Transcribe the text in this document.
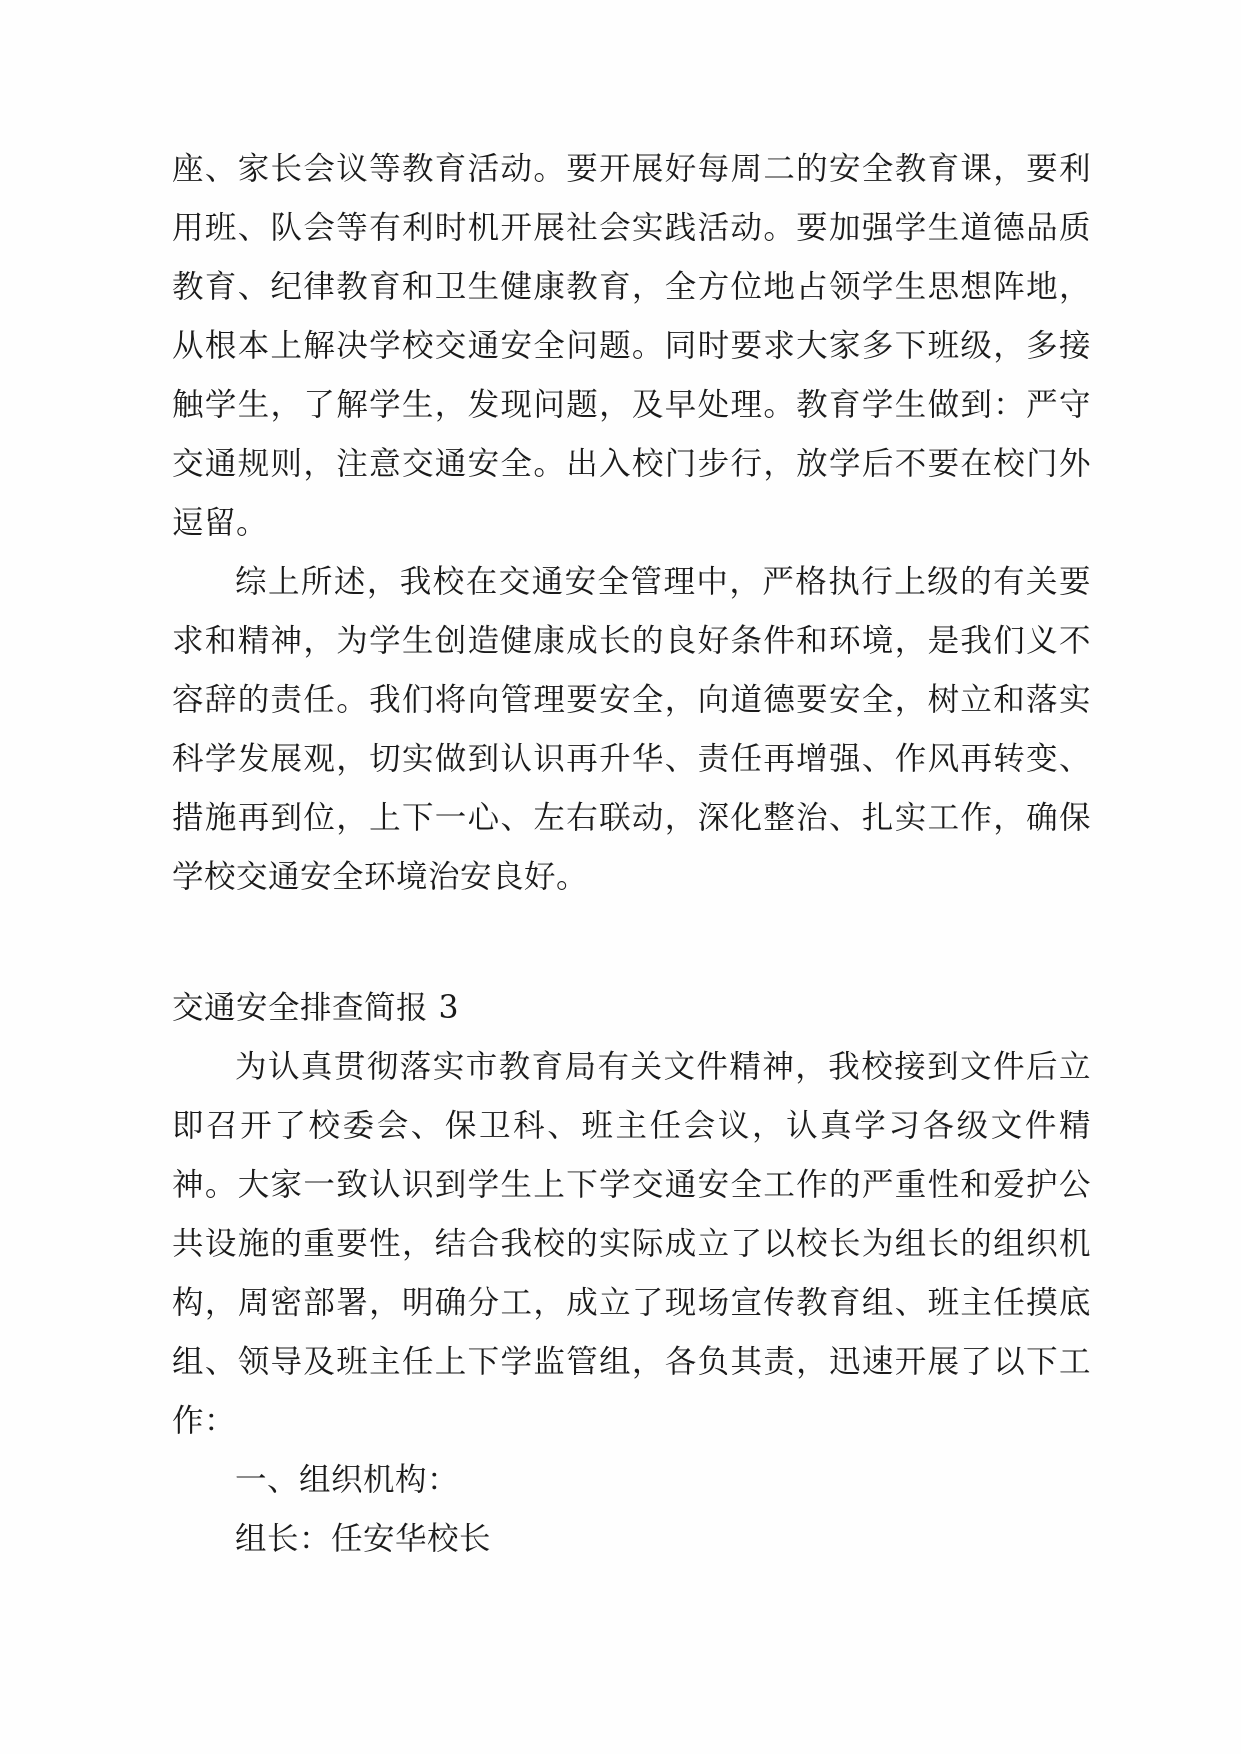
座、家长会议等教育活动。要开展好每周二的安全教育课，要利用班、队会等有利时机开展社会实践活动。要加强学生道德品质教育、纪律教育和卫生健康教育，全方位地占领学生思想阵地，从根本上解决学校交通安全问题。同时要求大家多下班级，多接触学生，了解学生，发现问题，及早处理。教育学生做到：严守交通规则，注意交通安全。出入校门步行，放学后不要在校门外逗留。

综上所述，我校在交通安全管理中，严格执行上级的有关要求和精神，为学生创造健康成长的良好条件和环境，是我们义不容辞的责任。我们将向管理要安全，向道德要安全，树立和落实科学发展观，切实做到认识再升华、责任再增强、作风再转变、措施再到位，上下一心、左右联动，深化整治、扎实工作，确保学校交通安全环境治安良好。

交通安全排查简报 3

为认真贯彻落实市教育局有关文件精神，我校接到文件后立即召开了校委会、保卫科、班主任会议，认真学习各级文件精神。大家一致认识到学生上下学交通安全工作的严重性和爱护公共设施的重要性，结合我校的实际成立了以校长为组长的组织机构，周密部署，明确分工，成立了现场宣传教育组、班主任摸底组、领导及班主任上下学监管组，各负其责，迅速开展了以下工作：

一、组织机构：

组长：任安华校长
